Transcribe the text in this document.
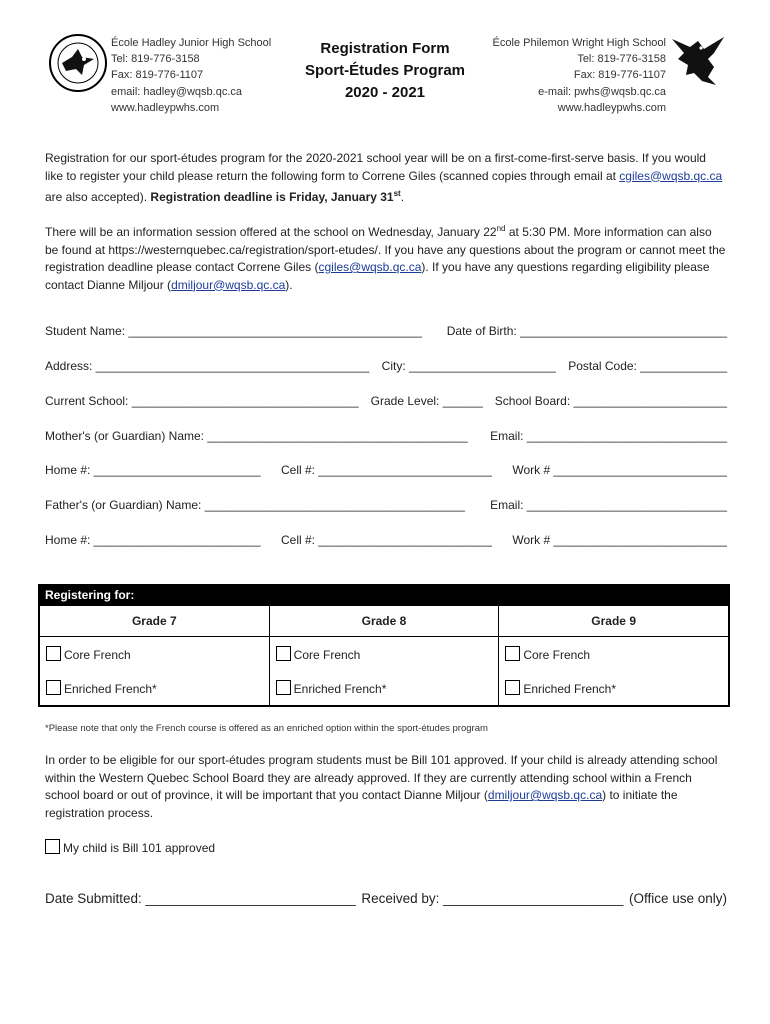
École Hadley Junior High School
Tel: 819-776-3158
Fax: 819-776-1107
email: hadley@wqsb.qc.ca
www.hadleypwhs.com
Registration Form
Sport-Études Program
2020 - 2021
École Philemon Wright High School
Tel: 819-776-3158
Fax: 819-776-1107
e-mail: pwhs@wqsb.qc.ca
www.hadleypwhs.com
Registration for our sport-études program for the 2020-2021 school year will be on a first-come-first-serve basis. If you would like to register your child please return the following form to Correne Giles (scanned copies through email at cgiles@wqsb.qc.ca are also accepted). Registration deadline is Friday, January 31st.
There will be an information session offered at the school on Wednesday, January 22nd at 5:30 PM. More information can also be found at https://westernquebec.ca/registration/sport-etudes/. If you have any questions about the program or cannot meet the registration deadline please contact Correne Giles (cgiles@wqsb.qc.ca). If you have any questions regarding eligibility please contact Dianne Miljour (dmiljour@wqsb.qc.ca).
Student Name: ____________________________________________ Date of Birth: _______________________________
Address: _________________________________________ City: ______________________ Postal Code: _____________
Current School: __________________________________ Grade Level: ______ School Board: _______________________
Mother's (or Guardian) Name: _______________________________________ Email: ______________________________
Home #: _________________________ Cell #: __________________________ Work # __________________________
Father's (or Guardian) Name: _______________________________________ Email: ______________________________
Home #: _________________________ Cell #: __________________________ Work # __________________________
Registering for:
Grade 7	Grade 8	Grade 9
Core French	Core French	Core French
Enriched French*	Enriched French*	Enriched French*
*Please note that only the French course is offered as an enriched option within the sport-études program
In order to be eligible for our sport-études program students must be Bill 101 approved. If your child is already attending school within the Western Quebec School Board they are already approved. If they are currently attending school within a French school board or out of province, it will be important that you contact Dianne Miljour (dmiljour@wqsb.qc.ca) to initiate the registration process.
My child is Bill 101 approved
Date Submitted: ____________________________ Received by: ________________________ (Office use only)
